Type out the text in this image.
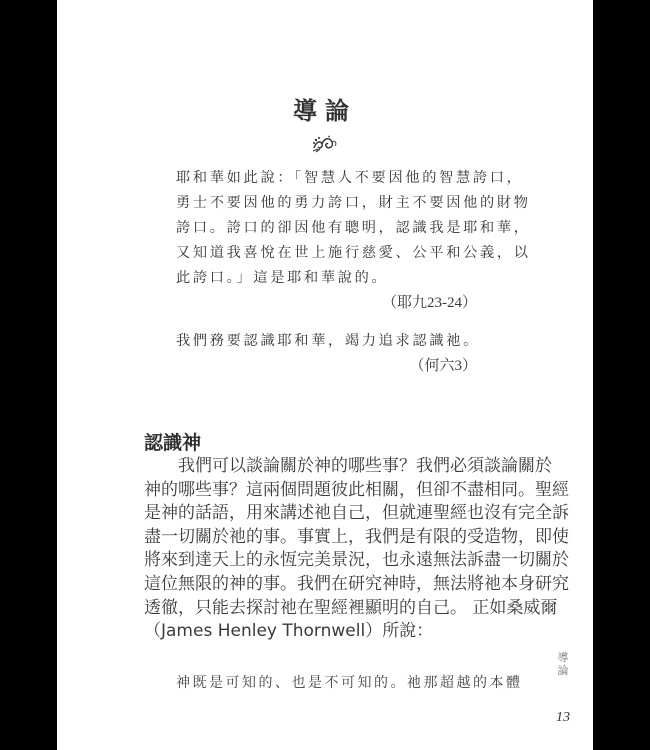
導論
耶和華如此說：「智慧人不要因他的智慧誇口，
勇士不要因他的勇力誇口，財主不要因他的財物
誇口。誇口的卻因他有聰明，認識我是耶和華，
又知道我喜悅在世上施行慈愛、公平和公義，以
此誇口。」這是耶和華說的。
（耶九23-24）
我們務要認識耶和華，竭力追求認識祂。
（何六3）
認識神
我們可以談論關於神的哪些事？我們必須談論關於
神的哪些事？這兩個問題彼此相關，但卻不盡相同。聖經
是神的話語，用來講述祂自己，但就連聖經也沒有完全訴
盡一切關於祂的事。事實上，我們是有限的受造物，即使
將來到達天上的永恆完美景況，也永遠無法訴盡一切關於
這位無限的神的事。我們在研究神時，無法將祂本身研究
透徹，只能去探討祂在聖經裡顯明的自己。 正如桑威爾
（James Henley Thornwell）所說：
神既是可知的、也是不可知的。祂那超越的本體
導
論
13
